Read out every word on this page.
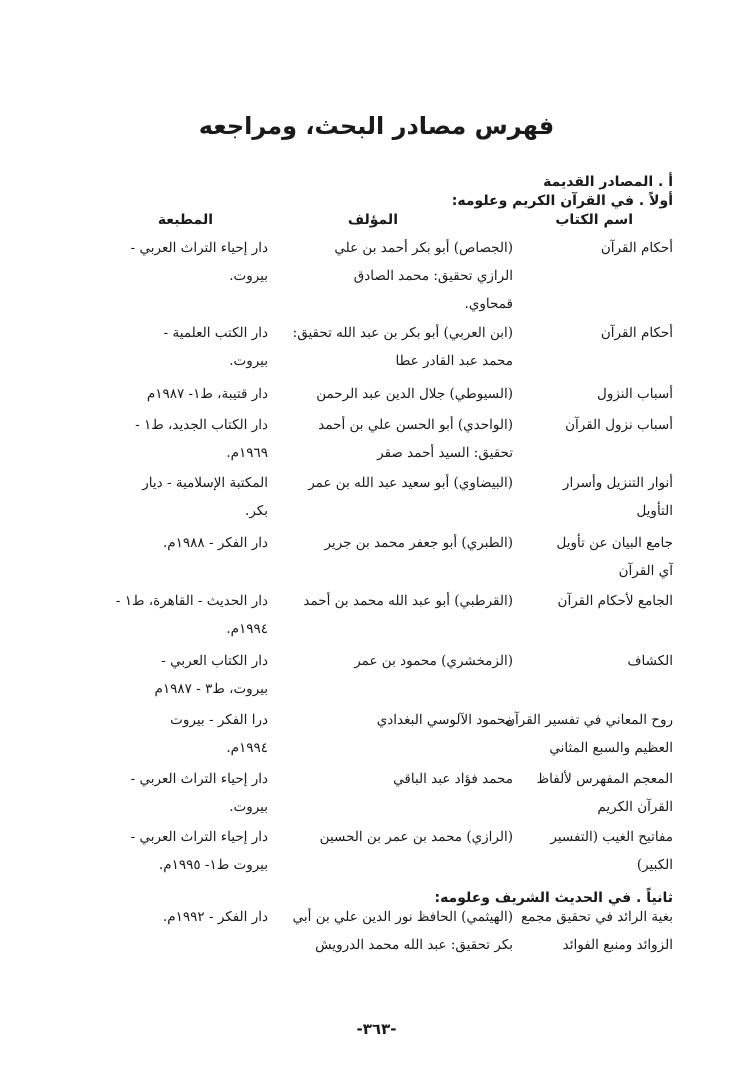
فهرس مصادر البحث، ومراجعه
أ . المصادر القديمة
أولاً . في القرآن الكريم وعلومه:
اسم الكتاب
المؤلف
المطبعة
أحكام القرآن
(الجصاص) أبو بكر أحمد بن علي
الرازي تحقيق: محمد الصادق
قمحاوي.
دار إحياء التراث العربي -
بيروت.
أحكام القرآن
(ابن العربي) أبو بكر بن عبد الله تحقيق:
محمد عبد القادر عطا
دار الكتب العلمية -
بيروت.
أسباب النزول
(السيوطي) جلال الدين عبد الرحمن
دار قتيبة، ط١- ١٩٨٧م
أسباب نزول القرآن
(الواحدي) أبو الحسن علي بن أحمد
تحقيق: السيد أحمد صقر
دار الكتاب الجديد، ط١ -
١٩٦٩م.
أنوار التنزيل وأسرار
التأويل
(البيضاوي) أبو سعيد عبد الله بن عمر
المكتبة الإسلامية - ديار
بكر.
جامع البيان عن تأويل
آي القرآن
(الطبري) أبو جعفر محمد بن جرير
دار الفكر - ١٩٨٨م.
الجامع لأحكام القرآن
(القرطبي) أبو عبد الله محمد بن أحمد
دار الحديث - القاهرة، ط١ -
١٩٩٤م.
الكشاف
(الزمخشري) محمود بن عمر
دار الكتاب العربي -
بيروت، ط٣ - ١٩٨٧م
روح المعاني في تفسير القرآن
العظيم والسبع المثاني
محمود الآلوسي البغدادي
درا الفكر - بيروت
١٩٩٤م.
المعجم المفهرس لألفاظ
القرآن الكريم
محمد فؤاد عبد الباقي
دار إحياء التراث العربي -
بيروت.
مفاتيح الغيب (التفسير
الكبير)
(الرازي) محمد بن عمر بن الحسين
دار إحياء التراث العربي -
بيروت ط١- ١٩٩٥م.
بغية الرائد في تحقيق مجمع
الزوائد ومنبع الفوائد
(الهيثمي) الحافظ نور الدين علي بن أبي
بكر تحقيق: عبد الله محمد الدرويش
دار الفكر - ١٩٩٢م.
ثانياً . في الحديث الشريف وعلومه:
-٣٦٣-
